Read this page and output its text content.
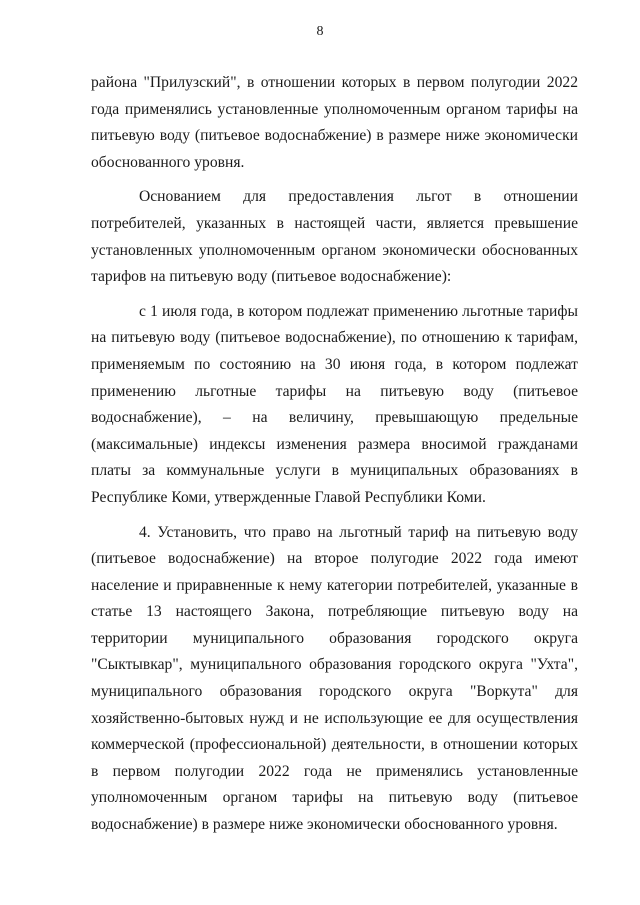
8

района "Прилузский", в отношении которых в первом полугодии 2022 года применялись установленные уполномоченным органом тарифы на питьевую воду (питьевое водоснабжение) в размере ниже экономически обоснованного уровня.

Основанием для предоставления льгот в отношении потребителей, указанных в настоящей части, является превышение установленных уполномоченным органом экономически обоснованных тарифов на питьевую воду (питьевое водоснабжение):

с 1 июля года, в котором подлежат применению льготные тарифы на питьевую воду (питьевое водоснабжение), по отношению к тарифам, применяемым по состоянию на 30 июня года, в котором подлежат применению льготные тарифы на питьевую воду (питьевое водоснабжение), – на величину, превышающую предельные (максимальные) индексы изменения размера вносимой гражданами платы за коммунальные услуги в муниципальных образованиях в Республике Коми, утвержденные Главой Республики Коми.

4. Установить, что право на льготный тариф на питьевую воду (питьевое водоснабжение) на второе полугодие 2022 года имеют население и приравненные к нему категории потребителей, указанные в статье 13 настоящего Закона, потребляющие питьевую воду на территории муниципального образования городского округа "Сыктывкар", муниципального образования городского округа "Ухта", муниципального образования городского округа "Воркута" для хозяйственно-бытовых нужд и не использующие ее для осуществления коммерческой (профессиональной) деятельности, в отношении которых в первом полугодии 2022 года не применялись установленные уполномоченным органом тарифы на питьевую воду (питьевое водоснабжение) в размере ниже экономически обоснованного уровня.
